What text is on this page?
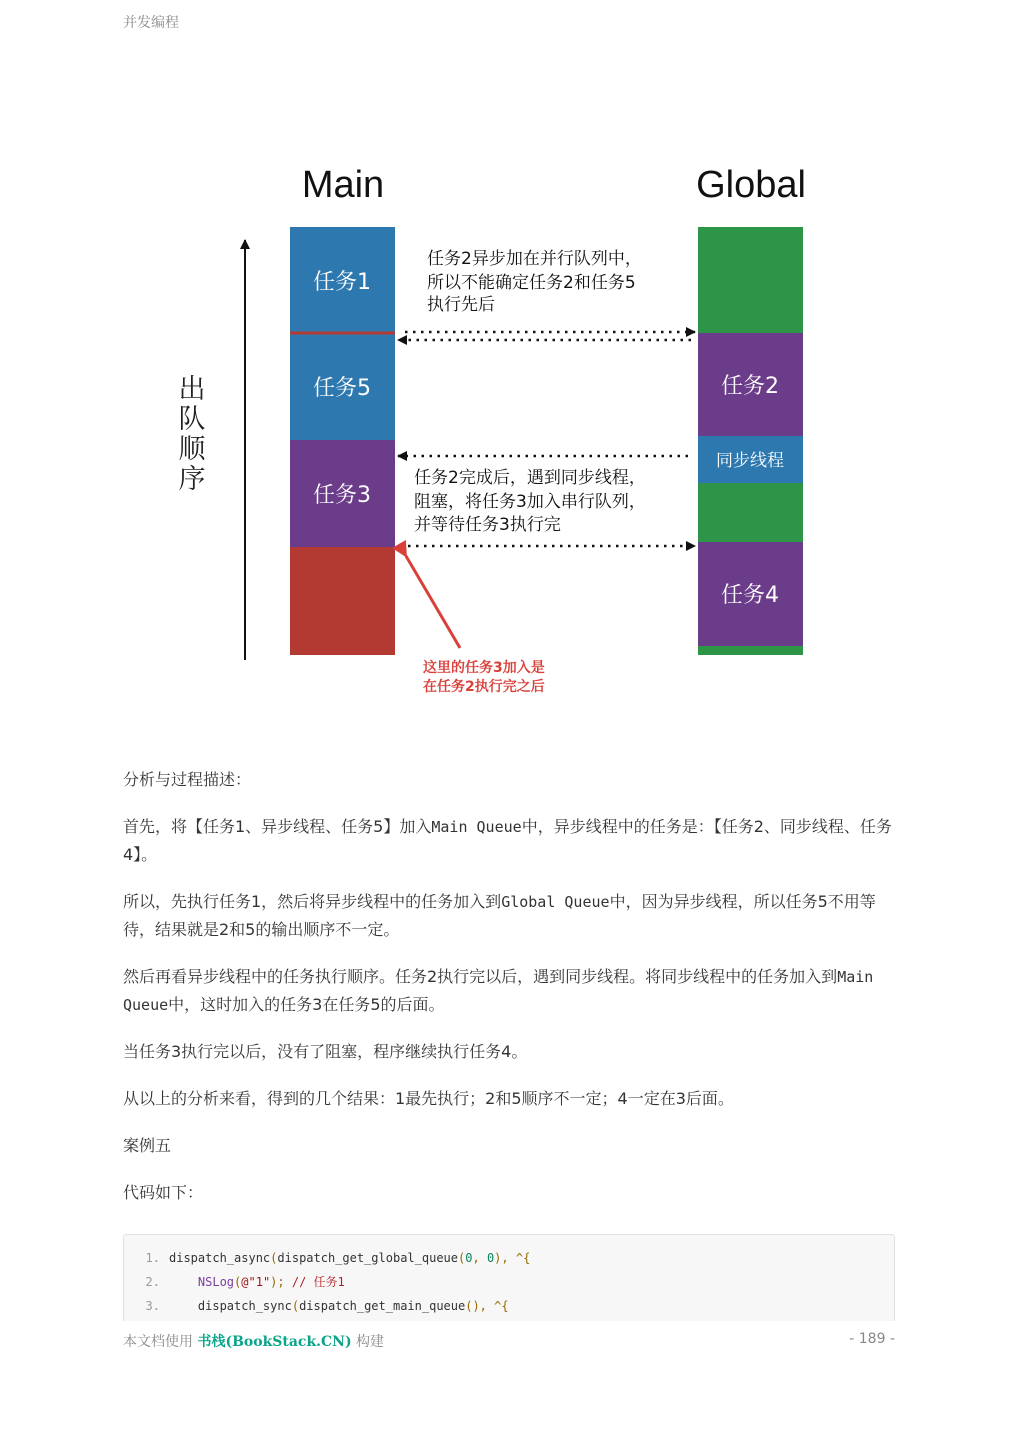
并发编程
Main	Global
出
队
顺
序
任务1
任务5
任务3
任务2
同步线程
任务4
任务2异步加在并行队列中，
所以不能确定任务2和任务5
执行先后
任务2完成后，遇到同步线程，
阻塞，将任务3加入串行队列，
并等待任务3执行完
这里的任务3加入是
在任务2执行完之后

分析与过程描述：

首先，将【任务1、异步线程、任务5】加入Main Queue中，异步线程中的任务是：【任务2、同步线程、任务4】。

所以，先执行任务1，然后将异步线程中的任务加入到Global Queue中，因为异步线程，所以任务5不用等待，结果就是2和5的输出顺序不一定。

然后再看异步线程中的任务执行顺序。任务2执行完以后，遇到同步线程。将同步线程中的任务加入到Main Queue中，这时加入的任务3在任务5的后面。

当任务3执行完以后，没有了阻塞，程序继续执行任务4。

从以上的分析来看，得到的几个结果：1最先执行；2和5顺序不一定；4一定在3后面。

案例五

代码如下：

1. dispatch_async(dispatch_get_global_queue(0, 0), ^{
2.	NSLog(@"1"); // 任务1
3.	dispatch_sync(dispatch_get_main_queue(), ^{
本文档使用 书栈(BookStack.CN) 构建	- 189 -
